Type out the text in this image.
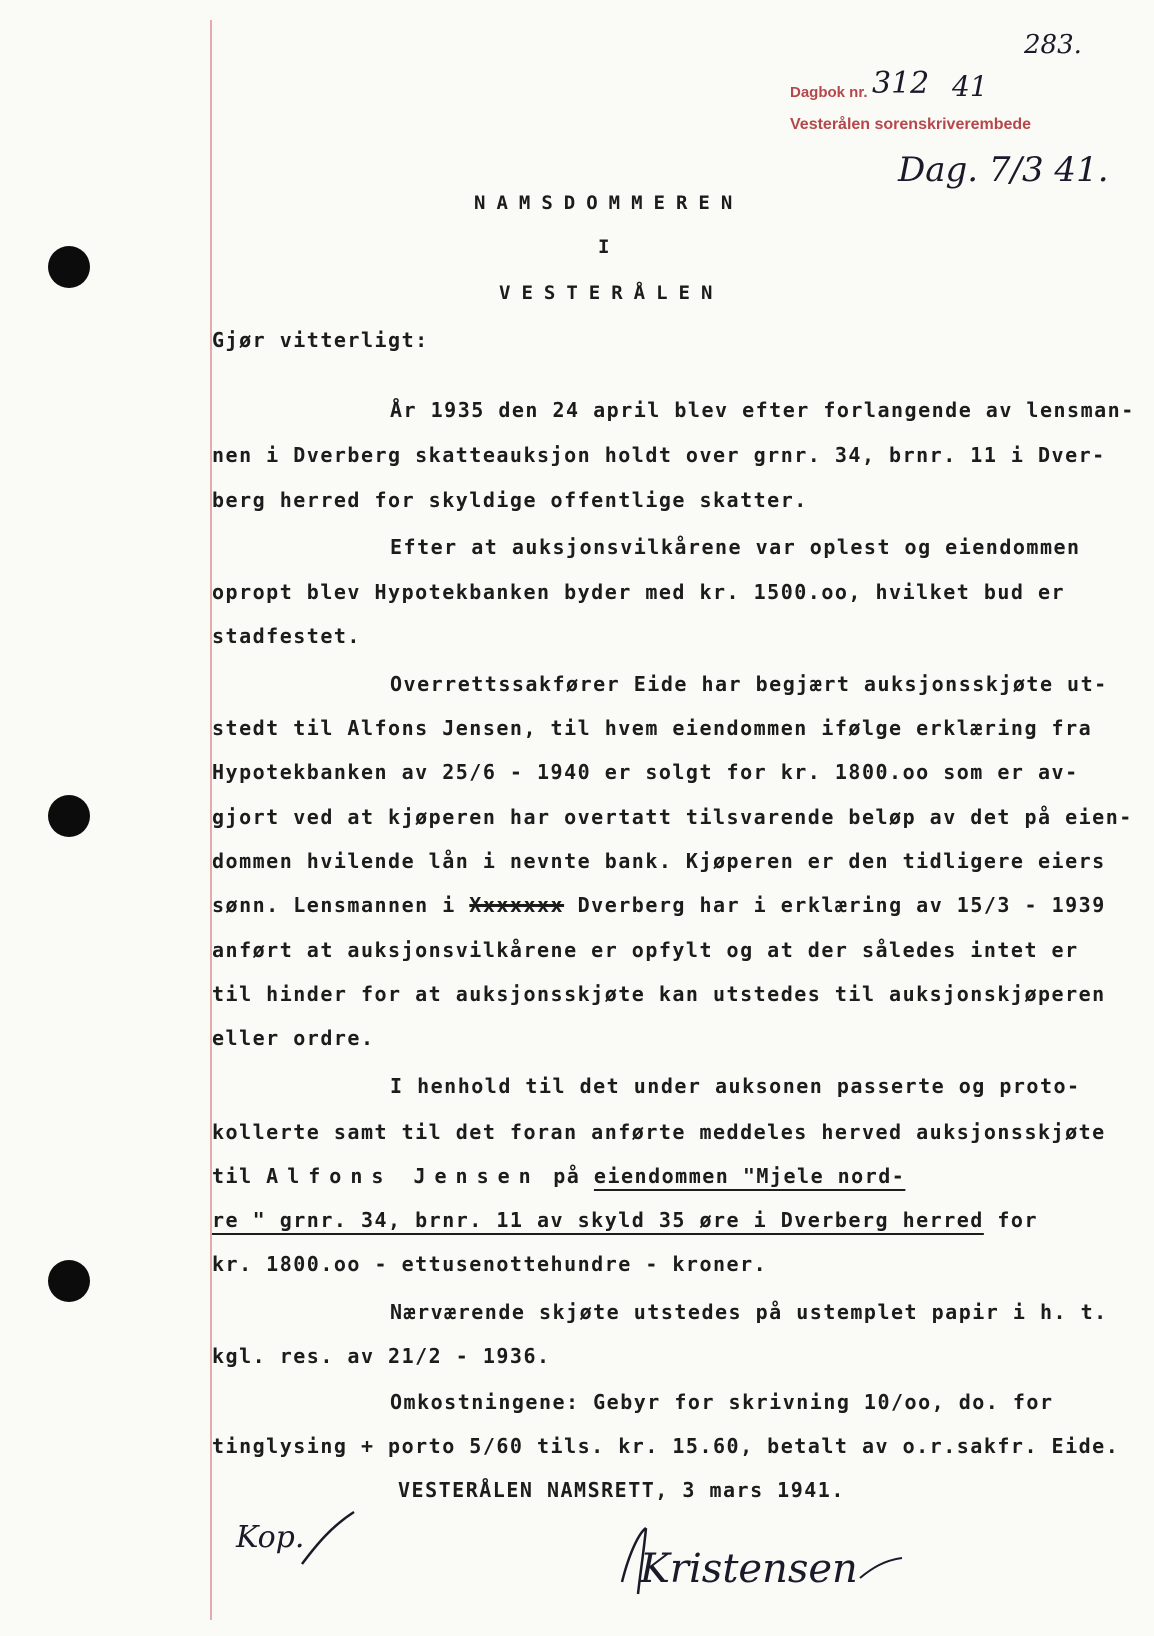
283.
Dagbok nr. 312 41
Vesterålen sorenskriverembede
Dag. 7/3 41.
NAMSDOMMEREN
I
VESTERÅLEN
Gjør vitterligt:
År 1935 den 24 april blev efter forlangende av lensman-
nen i Dverberg skatteauksjon holdt over grnr. 34, brnr. 11 i Dver-
berg herred for skyldige offentlige skatter.
Efter at auksjonsvilkårene var oplest og eiendommen
opropt blev Hypotekbanken byder med kr. 1500.oo, hvilket bud er
stadfestet.
Overrettssakfører Eide har begjært auksjonsskjøte ut-
stedt til Alfons Jensen, til hvem eiendommen ifølge erklæring fra
Hypotekbanken av 25/6 - 1940 er solgt for kr. 1800.oo som er av-
gjort ved at kjøperen har overtatt tilsvarende beløp av det på eien-
dommen hvilende lån i nevnte bank. Kjøperen er den tidligere eiers
sønn. Lensmannen i Xxxxxxx Dverberg har i erklæring av 15/3 - 1939
anført at auksjonsvilkårene er opfylt og at der således intet er
til hinder for at auksjonsskjøte kan utstedes til auksjonskjøperen
eller ordre.
I henhold til det under auksonen passerte og proto-
kollerte samt til det foran anførte meddeles herved auksjonsskjøte
til Alfons Jensen på eiendommen "Mjele nord-
re " grnr. 34, brnr. 11 av skyld 35 øre i Dverberg herred for
kr. 1800.oo - ettusenottehundre - kroner.
Nærværende skjøte utstedes på ustemplet papir i h. t.
kgl. res. av 21/2 - 1936.
Omkostningene: Gebyr for skrivning 10/oo, do. for
tinglysing + porto 5/60 tils. kr. 15.60, betalt av o.r.sakfr. Eide.
VESTERÅLEN NAMSRETT, 3 mars 1941.
Kop.
Kristensen
